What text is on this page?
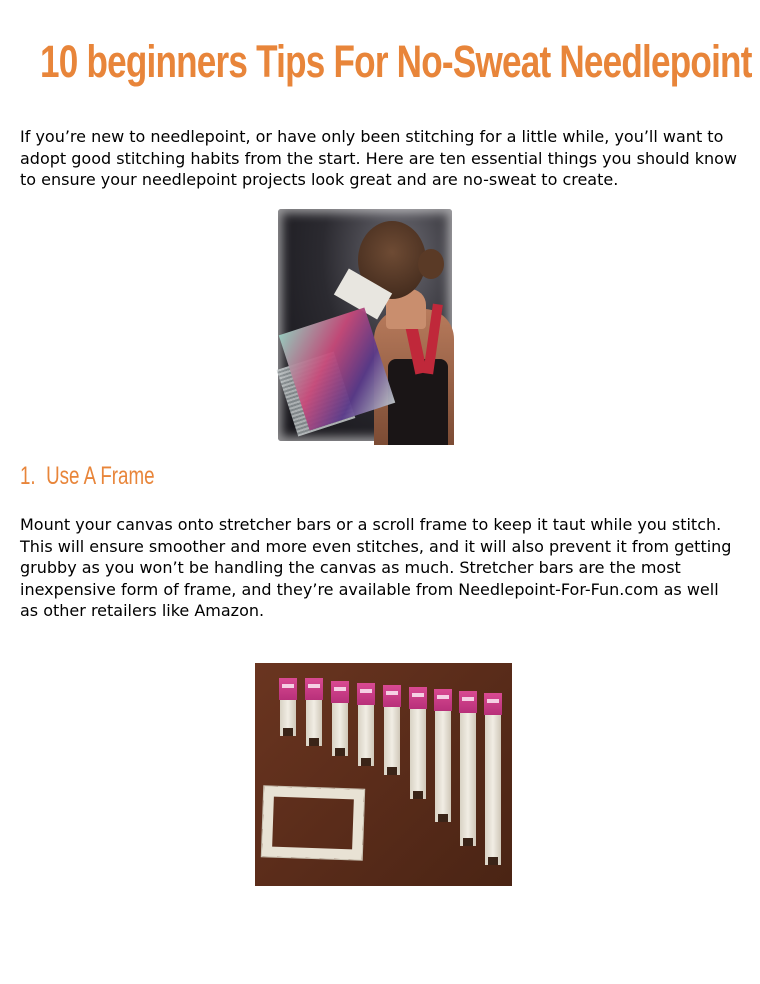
10 beginners Tips For No-Sweat Needlepoint

If you’re new to needlepoint, or have only been stitching for a little while, you’ll want to adopt good stitching habits from the start. Here are ten essential things you should know to ensure your needlepoint projects look great and are no-sweat to create.

1. Use A Frame

Mount your canvas onto stretcher bars or a scroll frame to keep it taut while you stitch. This will ensure smoother and more even stitches, and it will also prevent it from getting grubby as you won’t be handling the canvas as much. Stretcher bars are the most inexpensive form of frame, and they’re available from Needlepoint-For-Fun.com as well as other retailers like Amazon.
